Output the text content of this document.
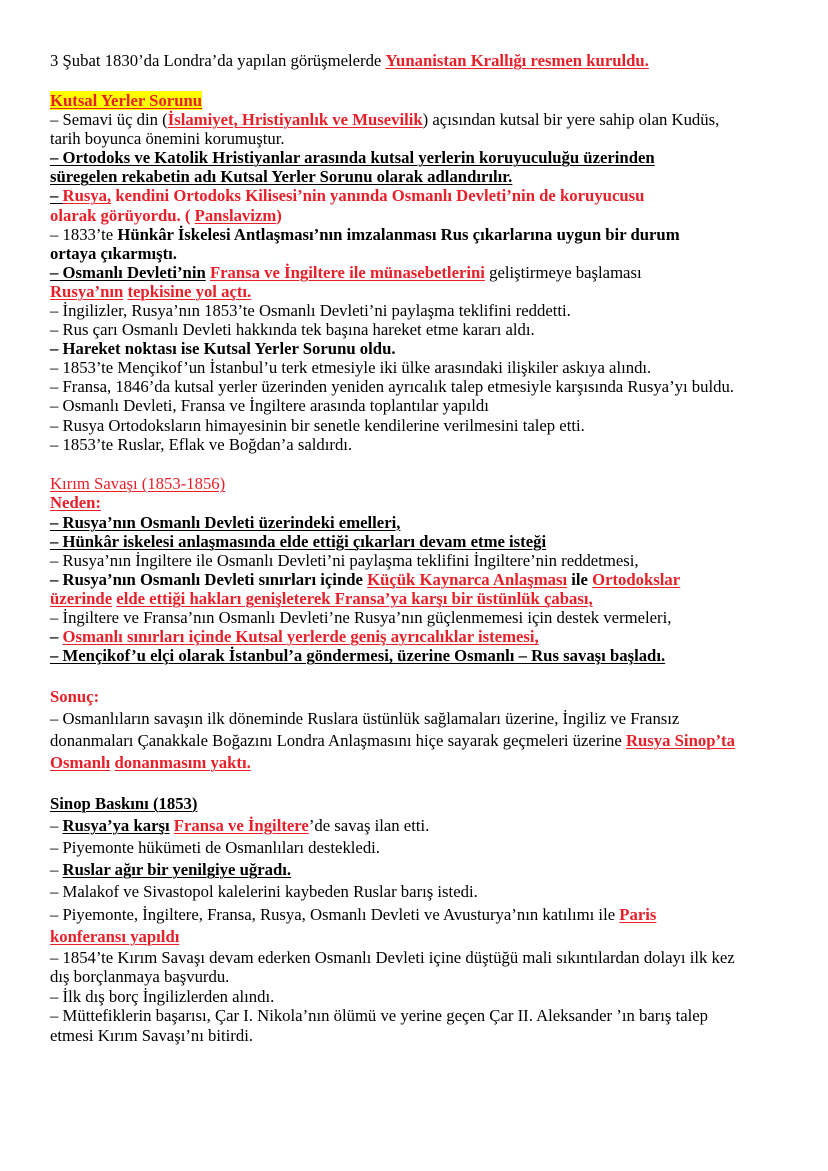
3 Şubat 1830’da Londra’da yapılan görüşmelerde Yunanistan Krallığı resmen kuruldu.
Kutsal Yerler Sorunu
– Semavi üç din (İslamiyet, Hristiyanlık ve Musevilik) açısından kutsal bir yere sahip olan Kudüs,
tarih boyunca önemini korumuştur.
– Ortodoks ve Katolik Hristiyanlar arasında kutsal yerlerin koruyuculuğu üzerinden
süregelen rekabetin adı Kutsal Yerler Sorunu olarak adlandırılır.
– Rusya, kendini Ortodoks Kilisesi’nin yanında Osmanlı Devleti’nin de koruyucusu
olarak görüyordu. ( Panslavizm)
– 1833’te Hünkâr İskelesi Antlaşması’nın imzalanması Rus çıkarlarına uygun bir durum
ortaya çıkarmıştı.
– Osmanlı Devleti’nin Fransa ve İngiltere ile münasebetlerini geliştirmeye başlaması
Rusya’nın tepkisine yol açtı.
– İngilizler, Rusya’nın 1853’te Osmanlı Devleti’ni paylaşma teklifini reddetti.
– Rus çarı Osmanlı Devleti hakkında tek başına hareket etme kararı aldı.
– Hareket noktası ise Kutsal Yerler Sorunu oldu.
– 1853’te Mençikof’un İstanbul’u terk etmesiyle iki ülke arasındaki ilişkiler askıya alındı.
– Fransa, 1846’da kutsal yerler üzerinden yeniden ayrıcalık talep etmesiyle karşısında Rusya’yı buldu.
– Osmanlı Devleti, Fransa ve İngiltere arasında toplantılar yapıldı
– Rusya Ortodoksların himayesinin bir senetle kendilerine verilmesini talep etti.
– 1853’te Ruslar, Eflak ve Boğdan’a saldırdı.
Kırım Savaşı (1853-1856)
Neden:
– Rusya’nın Osmanlı Devleti üzerindeki emelleri,
– Hünkâr iskelesi anlaşmasında elde ettiği çıkarları devam etme isteği
– Rusya’nın İngiltere ile Osmanlı Devleti’ni paylaşma teklifini İngiltere’nin reddetmesi,
– Rusya’nın Osmanlı Devleti sınırları içinde Küçük Kaynarca Anlaşması ile Ortodokslar
üzerinde elde ettiği hakları genişleterek Fransa’ya karşı bir üstünlük çabası,
– İngiltere ve Fransa’nın Osmanlı Devleti’ne Rusya’nın güçlenmemesi için destek vermeleri,
– Osmanlı sınırları içinde Kutsal yerlerde geniş ayrıcalıklar istemesi,
– Mençikof’u elçi olarak İstanbul’a göndermesi, üzerine Osmanlı – Rus savaşı başladı.
Sonuç:
– Osmanlıların savaşın ilk döneminde Ruslara üstünlük sağlamaları üzerine, İngiliz ve Fransız
donanmaları Çanakkale Boğazını Londra Anlaşmasını hiçe sayarak geçmeleri üzerine Rusya Sinop’ta
Osmanlı donanmasını yaktı.
Sinop Baskını (1853)
– Rusya’ya karşı Fransa ve İngiltere’de savaş ilan etti.
– Piyemonte hükümeti de Osmanlıları destekledi.
– Ruslar ağır bir yenilgiye uğradı.
– Malakof ve Sivastopol kalelerini kaybeden Ruslar barış istedi.
– Piyemonte, İngiltere, Fransa, Rusya, Osmanlı Devleti ve Avusturya’nın katılımı ile Paris
konferansı yapıldı
– 1854’te Kırım Savaşı devam ederken Osmanlı Devleti içine düştüğü mali sıkıntılardan dolayı ilk kez
dış borçlanmaya başvurdu.
– İlk dış borç İngilizlerden alındı.
– Müttefiklerin başarısı, Çar I. Nikola’nın ölümü ve yerine geçen Çar II. Aleksander ’ın barış talep
etmesi Kırım Savaşı’nı bitirdi.
